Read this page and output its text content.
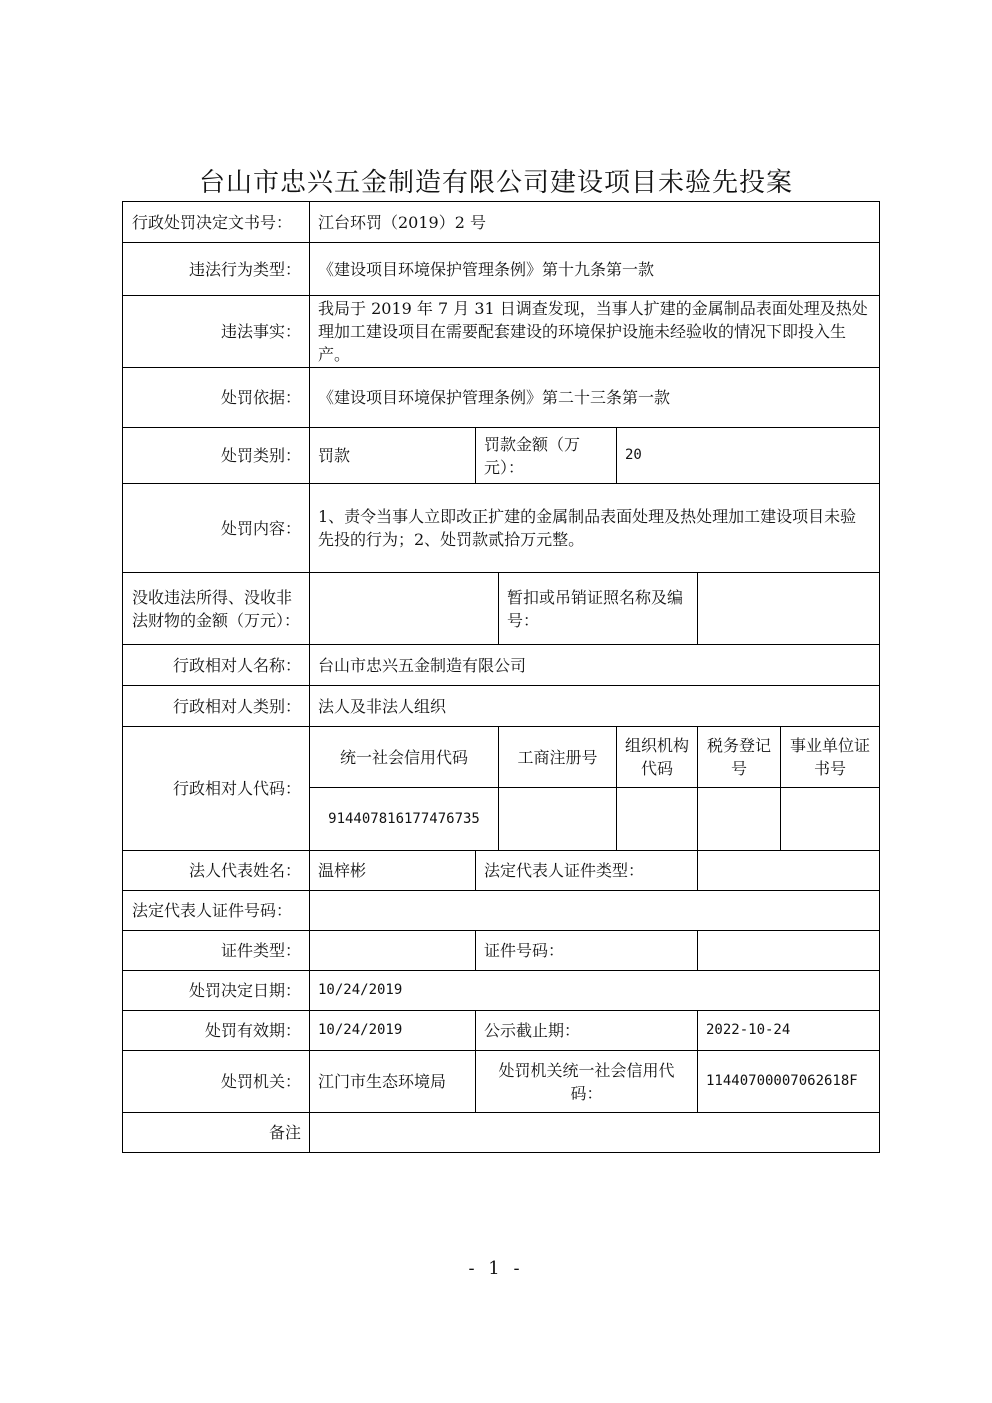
台山市忠兴五金制造有限公司建设项目未验先投案
行政处罚决定文书号：	江台环罚（2019）2 号					
违法行为类型：	《建设项目环境保护管理条例》第十九条第一款					
违法事实：	我局于 2019 年 7 月 31 日调查发现，当事人扩建的金属制品表面处理及热处理加工建设项目在需要配套建设的环境保护设施未经验收的情况下即投入生产。					
处罚依据：	《建设项目环境保护管理条例》第二十三条第一款					
处罚类别：	罚款	罚款金额（万元）：		20		
处罚内容：	1、责令当事人立即改正扩建的金属制品表面处理及热处理加工建设项目未验先投的行为；2、处罚款贰拾万元整。					
没收违法所得、没收非法财物的金额（万元）：			暂扣或吊销证照名称及编号：			
行政相对人名称：	台山市忠兴五金制造有限公司					
行政相对人类别：	法人及非法人组织					
行政相对人代码：	统一社会信用代码		工商注册号	组织机构代码	税务登记号	事业单位证书号
	914407816177476735					
法人代表姓名：	温梓彬	法定代表人证件类型：				
法定代表人证件号码：						
证件类型：		证件号码：				
处罚决定日期：	10/24/2019					
处罚有效期：	10/24/2019	公示截止期：			2022-10-24	
处罚机关：	江门市生态环境局	处罚机关统一社会信用代码：			11440700007062618F	
备注						
- 1 -
